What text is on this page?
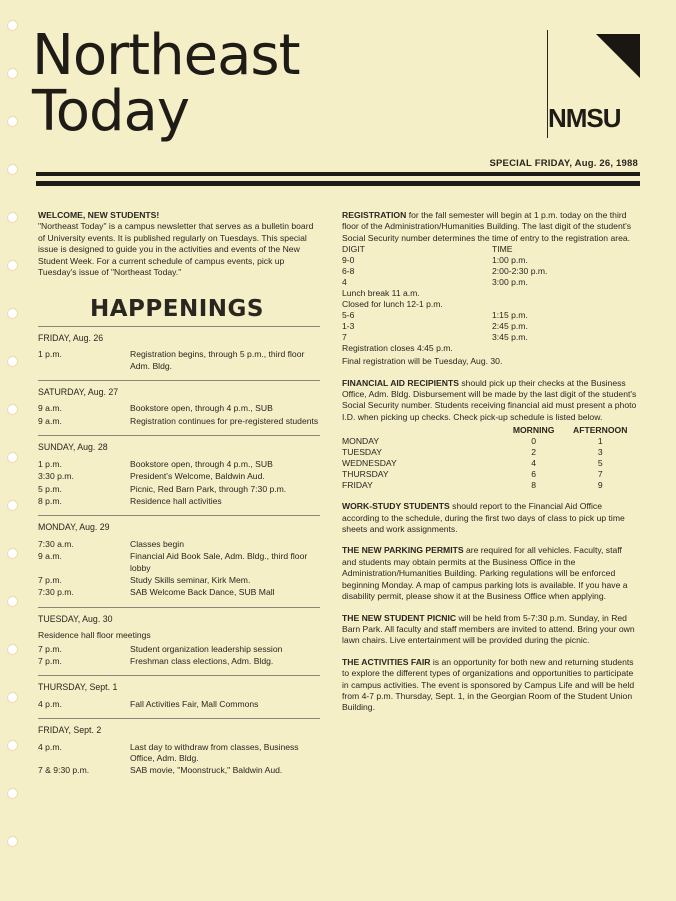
Northeast
Today	NMSU
SPECIAL FRIDAY, Aug. 26, 1988
WELCOME, NEW STUDENTS!

"Northeast Today" is a campus newsletter that serves as a bulletin board of University events. It is published regularly on Tuesdays. This special issue is designed to guide you in the activities and events of the New Student Week. For a current schedule of campus events, pick up Tuesday's issue of "Northeast Today."

HAPPENINGS
FRIDAY, Aug. 26
1 p.m.	Registration begins, through 5 p.m., third floor Adm. Bldg.
SATURDAY, Aug. 27
9 a.m.	Bookstore open, through 4 p.m., SUB
9 a.m.	Registration continues for pre-registered students
SUNDAY, Aug. 28
1 p.m.	Bookstore open, through 4 p.m., SUB
3:30 p.m.	President's Welcome, Baldwin Aud.
5 p.m.	Picnic, Red Barn Park, through 7:30 p.m.
8 p.m.	Residence hall activities
MONDAY, Aug. 29
7:30 a.m.	Classes begin
9 a.m.	Financial Aid Book Sale, Adm. Bldg., third floor lobby
7 p.m.	Study Skills seminar, Kirk Mem.
7:30 p.m.	SAB Welcome Back Dance, SUB Mall
TUESDAY, Aug. 30
Residence hall floor meetings
7 p.m.	Student organization leadership session
7 p.m.	Freshman class elections, Adm. Bldg.
THURSDAY, Sept. 1
4 p.m.	Fall Activities Fair, Mall Commons
FRIDAY, Sept. 2
4 p.m.	Last day to withdraw from classes, Business Office, Adm. Bldg.
7 & 9:30 p.m.	SAB movie, "Moonstruck," Baldwin Aud.
REGISTRATION for the fall semester will begin at 1 p.m. today on the third floor of the Administration/Humanities Building. The last digit of the student's Social Security number determines the time of entry to the registration area.
DIGIT	TIME
9-0	1:00 p.m.
6-8	2:00-2:30 p.m.
4	3:00 p.m.
Lunch break 11 a.m.	
Closed for lunch 12-1 p.m.	
5-6	1:15 p.m.
1-3	2:45 p.m.
7	3:45 p.m.
Registration closes 4:45 p.m.	
Final registration will be Tuesday, Aug. 30.
FINANCIAL AID RECIPIENTS should pick up their checks at the Business Office, Adm. Bldg. Disbursement will be made by the last digit of the student's Social Security number. Students receiving financial aid must present a photo I.D. when picking up checks. Check pick-up schedule is listed below.
	MORNING	AFTERNOON
MONDAY	0	1
TUESDAY	2	3
WEDNESDAY	4	5
THURSDAY	6	7
FRIDAY	8	9
WORK-STUDY STUDENTS should report to the Financial Aid Office according to the schedule, during the first two days of class to pick up time sheets and work assignments.
THE NEW PARKING PERMITS are required for all vehicles. Faculty, staff and students may obtain permits at the Business Office in the Administration/Humanities Building. Parking regulations will be enforced beginning Monday. A map of campus parking lots is available. If you have a disability permit, please show it at the Business Office when applying.
THE NEW STUDENT PICNIC will be held from 5-7:30 p.m. Sunday, in Red Barn Park. All faculty and staff members are invited to attend. Bring your own lawn chairs. Live entertainment will be provided during the picnic.
THE ACTIVITIES FAIR is an opportunity for both new and returning students to explore the different types of organizations and opportunities to participate in campus activities. The event is sponsored by Campus Life and will be held from 4-7 p.m. Thursday, Sept. 1, in the Georgian Room of the Student Union Building.
